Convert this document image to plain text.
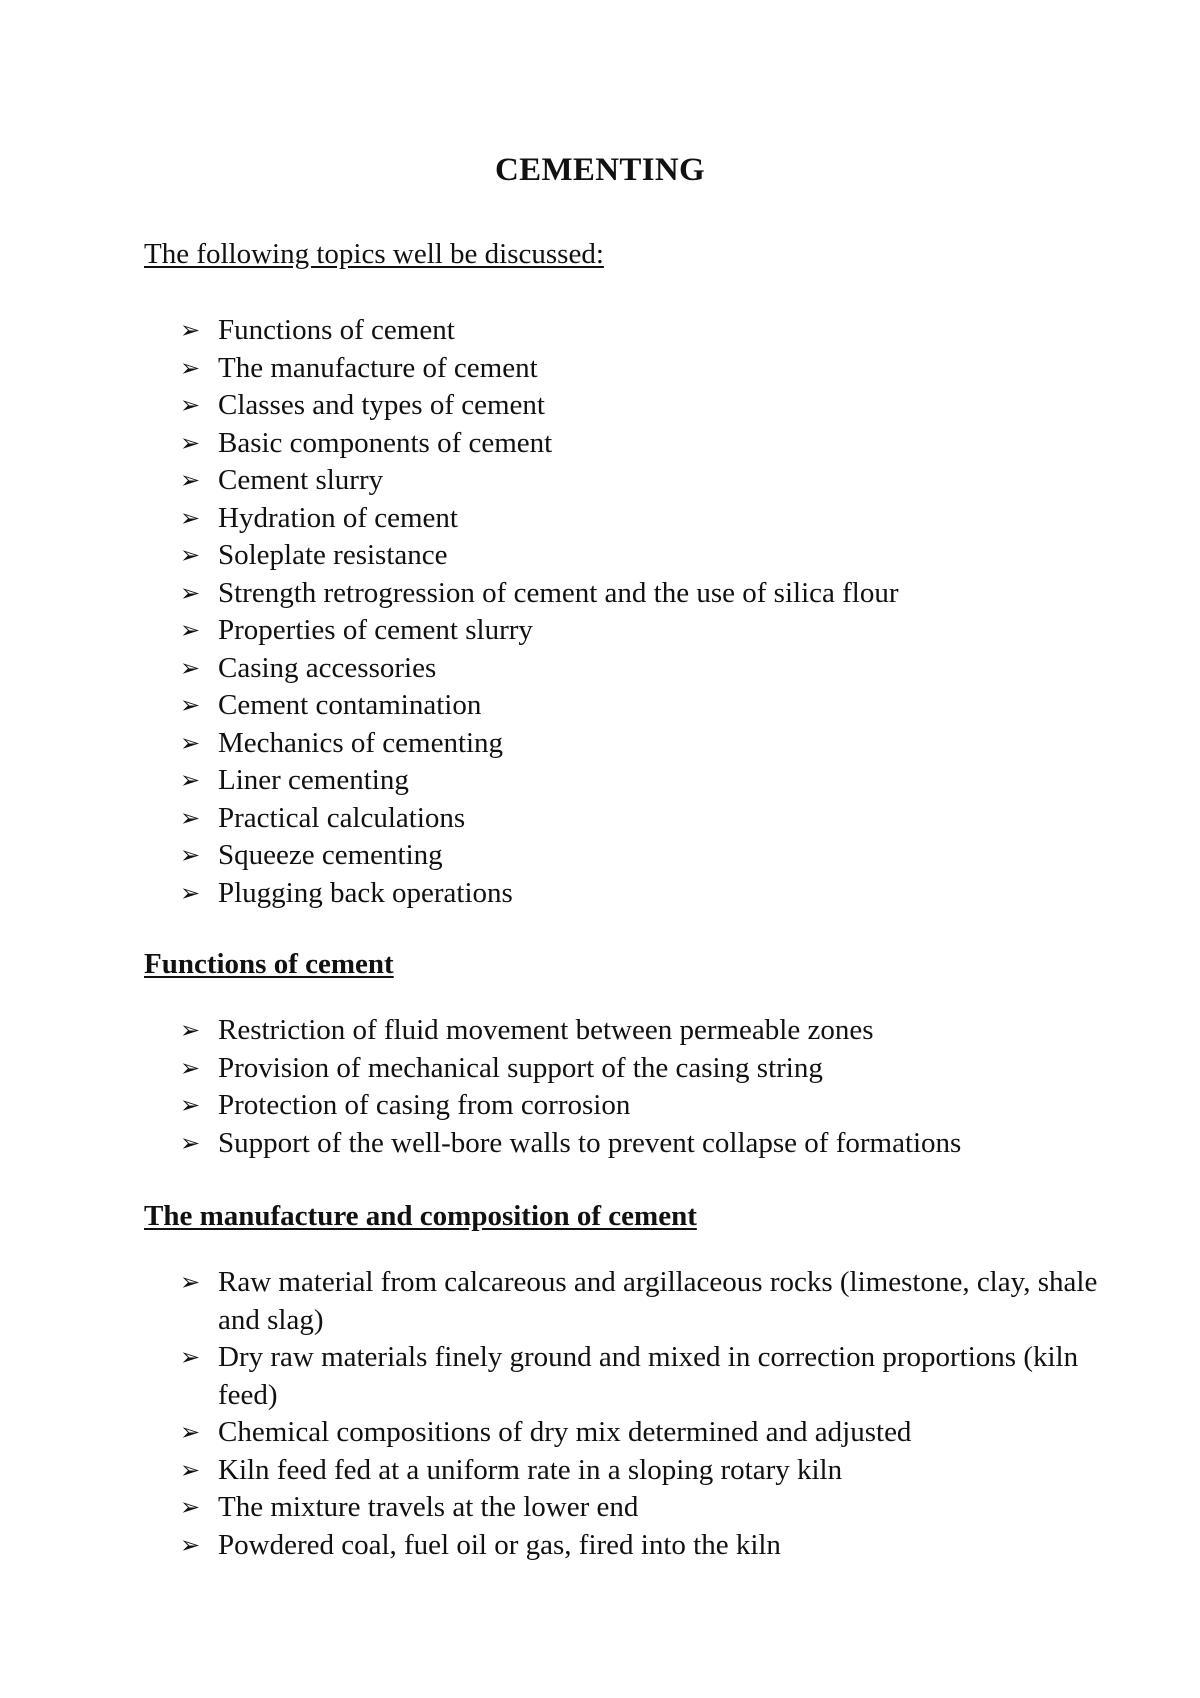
CEMENTING
The following topics well be discussed:
➢ Functions of cement
➢ The manufacture of cement
➢ Classes and types of cement
➢ Basic components of cement
➢ Cement slurry
➢ Hydration of cement
➢ Soleplate resistance
➢ Strength retrogression of cement and the use of silica flour
➢ Properties of cement slurry
➢ Casing accessories
➢ Cement contamination
➢ Mechanics of cementing
➢ Liner cementing
➢ Practical calculations
➢ Squeeze cementing
➢ Plugging back operations
Functions of cement
➢ Restriction of fluid movement between permeable zones
➢ Provision of mechanical support of the casing string
➢ Protection of casing from corrosion
➢ Support of the well-bore walls to prevent collapse of formations
The manufacture and composition of cement
➢ Raw material from calcareous and argillaceous rocks (limestone, clay, shale and slag)
➢ Dry raw materials finely ground and mixed in correction proportions (kiln feed)
➢ Chemical compositions of dry mix determined and adjusted
➢ Kiln feed fed at a uniform rate in a sloping rotary kiln
➢ The mixture travels at the lower end
➢ Powdered coal, fuel oil or gas, fired into the kiln
